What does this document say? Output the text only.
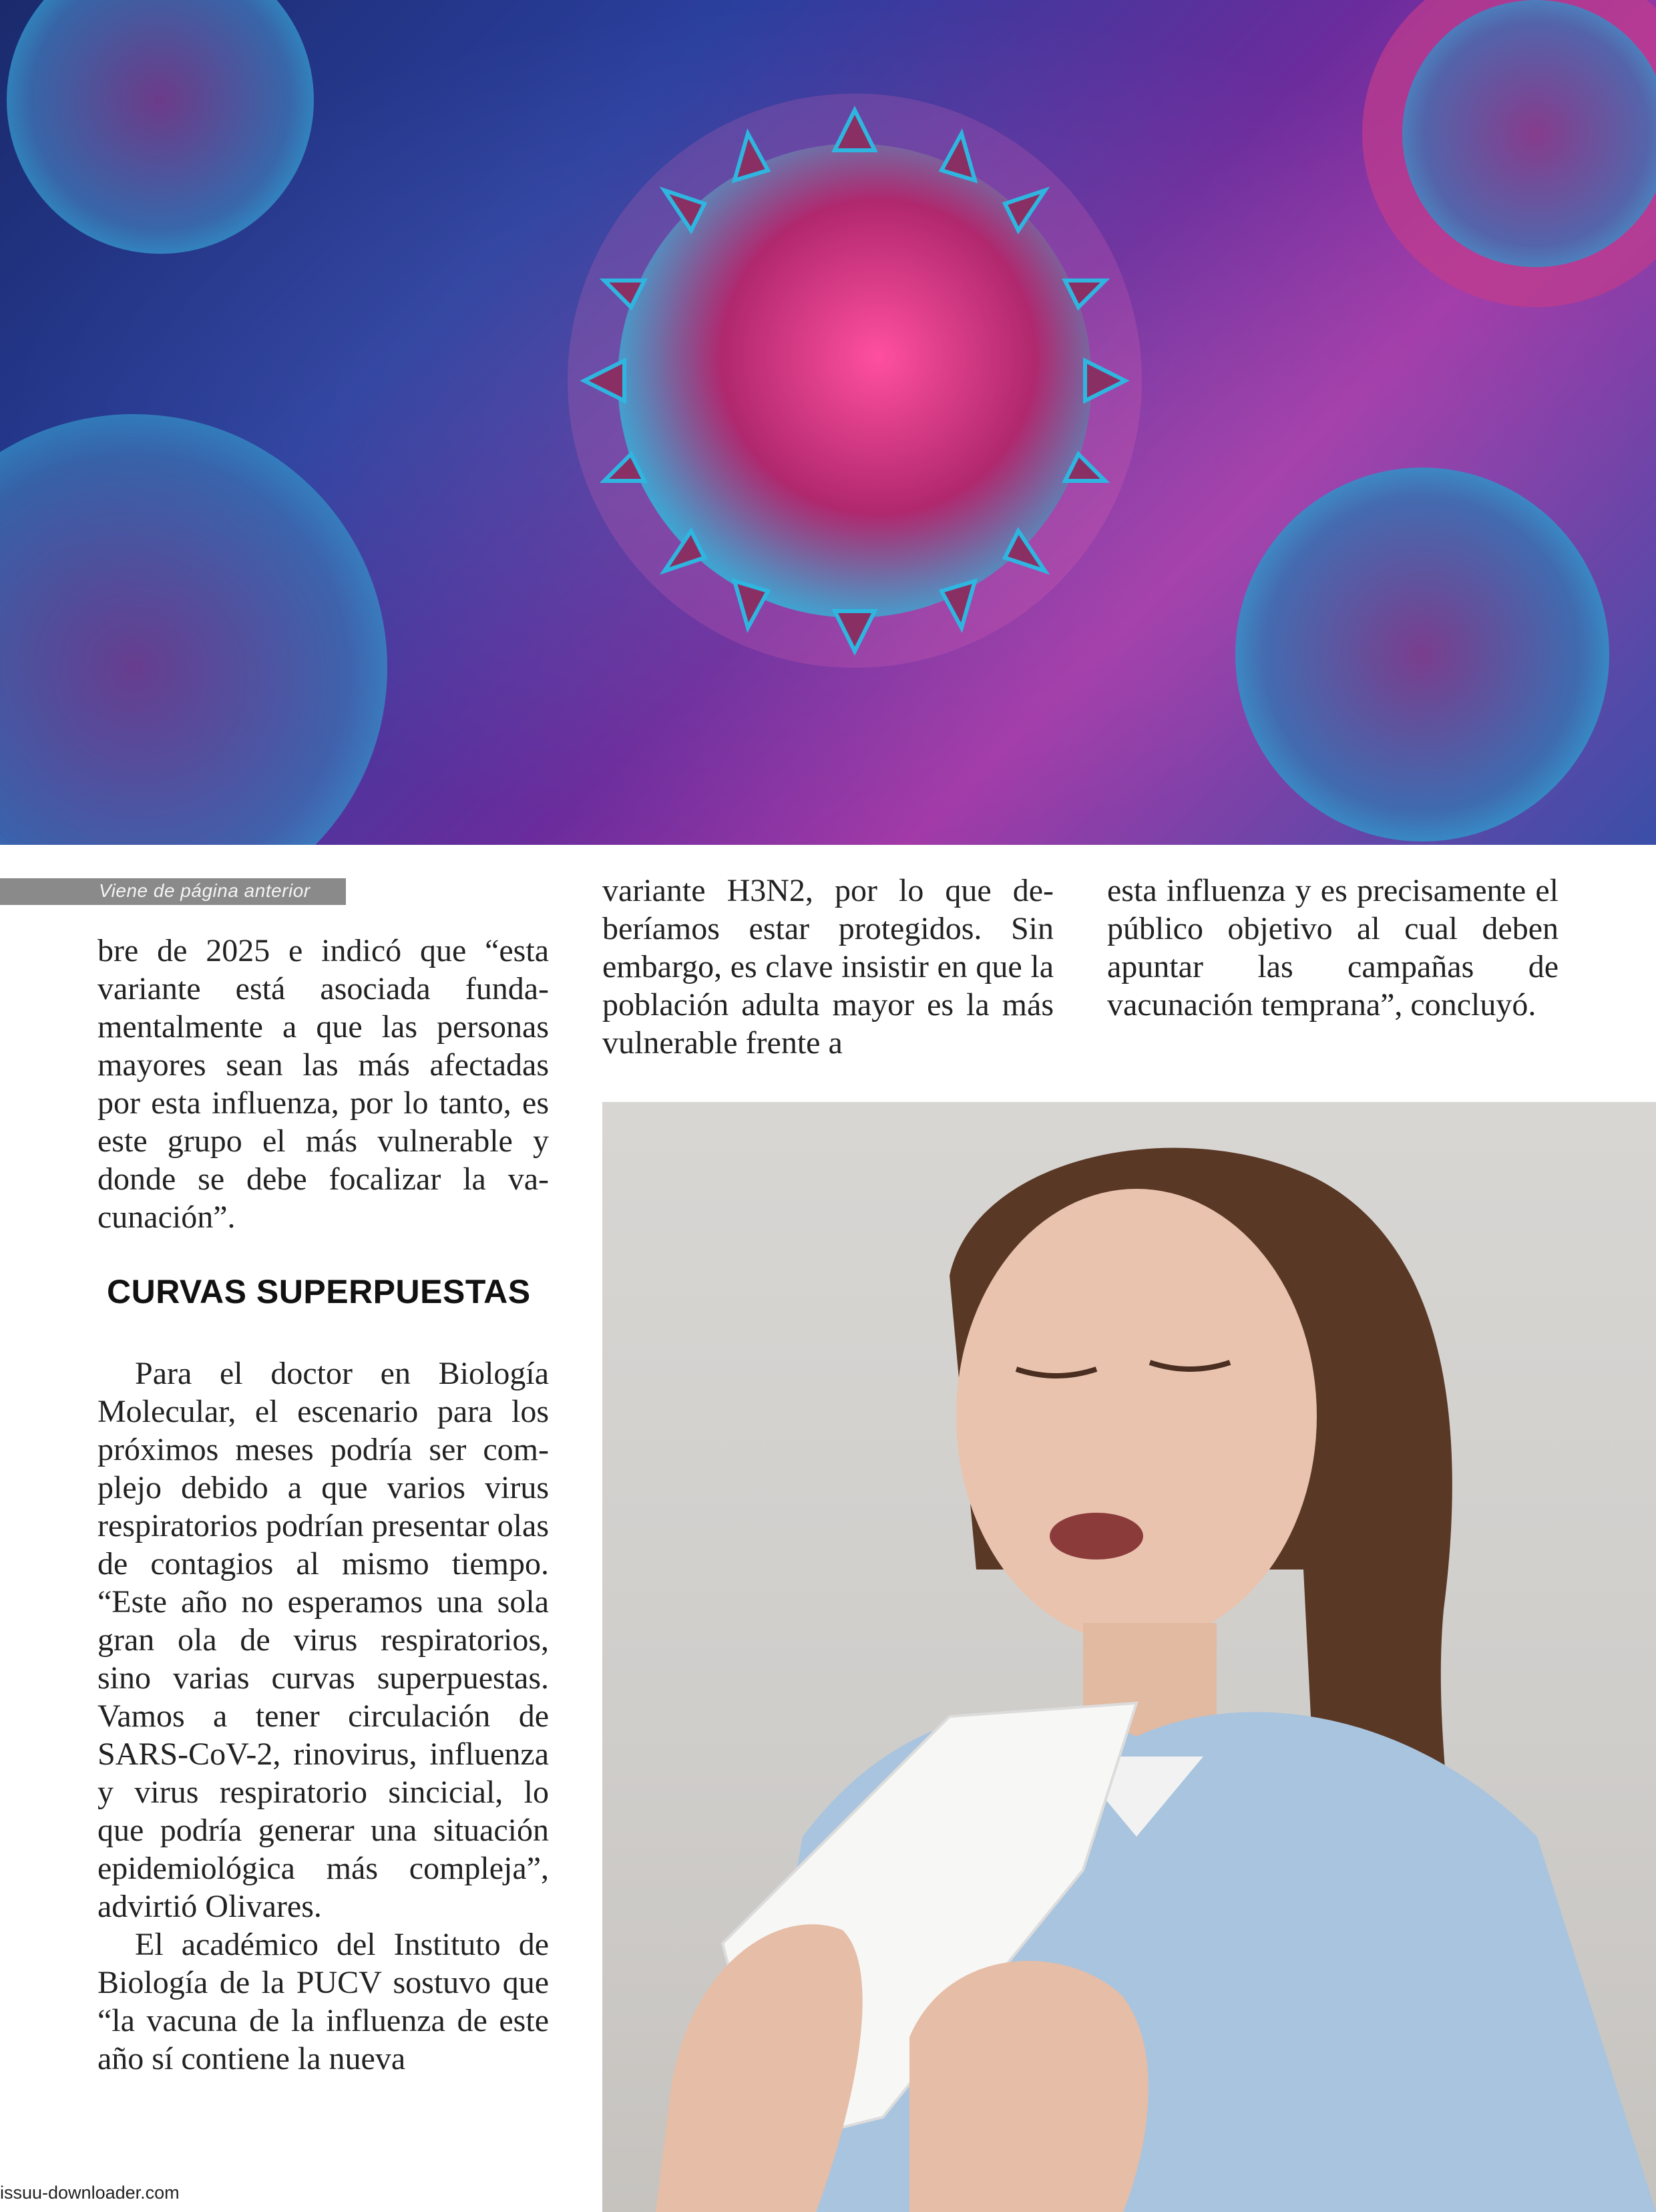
Viene de página anterior

bre de 2025 e indicó que “esta variante está asociada fundamentalmente a que las personas mayores sean las más afectadas por esta influenza, por lo tanto, es este grupo el más vulnerable y donde se debe focalizar la vacunación”.

CURVAS SUPERPUESTAS

Para el doctor en Biología Molecular, el escenario para los próximos meses podría ser complejo debido a que varios virus respiratorios podrían presentar olas de contagios al mismo tiempo. “Este año no esperamos una sola gran ola de virus respiratorios, sino varias curvas superpuestas. Vamos a tener circulación de SARS-CoV-2, rinovirus, influenza y virus respiratorio sincicial, lo que podría generar una situación epidemiológica más compleja”, advirtió Olivares.

El académico del Instituto de Biología de la PUCV sostuvo que “la vacuna de la influenza de este año sí contiene la nueva

variante H3N2, por lo que deberíamos estar protegidos. Sin embargo, es clave insistir en que la población adulta mayor es la más vulnerable frente a

esta influenza y es precisamente el público objetivo al cual deben apuntar las campañas de vacunación temprana”, concluyó.

issuu-downloader.com
